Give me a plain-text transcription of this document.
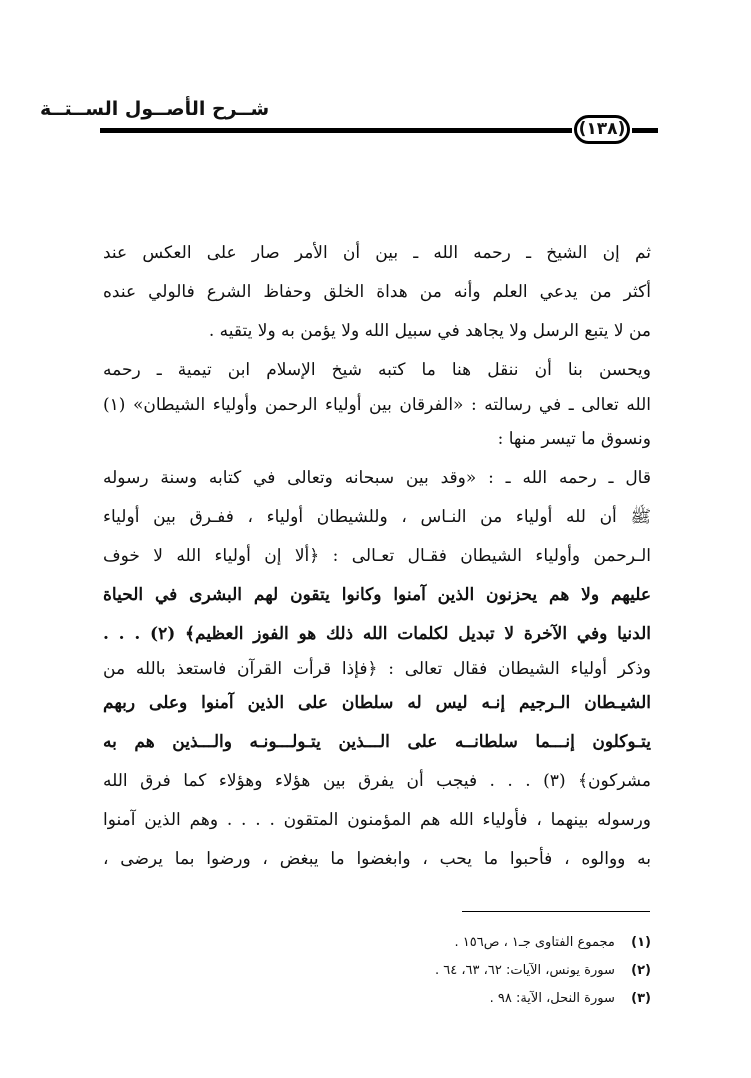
شــرح الأصــول الســتــة
(١٣٨)
ثم إن الشيخ ـ رحمه الله ـ بين أن الأمر صار على العكس عند
أكثر من يدعي العلم وأنه من هداة الخلق وحفاظ الشرع فالولي عنده
من لا يتبع الرسل ولا يجاهد في سبيل الله ولا يؤمن به ولا يتقيه .
ويحسن بنا أن ننقل هنا ما كتبه شيخ الإسلام ابن تيمية ـ رحمه
الله تعالى ـ في رسالته : «الفرقان بين أولياء الرحمن وأولياء الشيطان» (١)
ونسوق ما تيسر منها :
قال ـ رحمه الله ـ : «وقد بين سبحانه وتعالى في كتابه وسنة رسوله
ﷺ أن لله أولياء من النـاس ، وللشيطان أولياء ، ففـرق بين أولياء
الـرحمن وأولياء الشيطان فقـال تعـالى : ﴿ألا إن أولياء الله لا خوف
عليهم ولا هم يحزنون الذين آمنوا وكانوا يتقون لهم البشرى في الحياة
الدنيا وفي الآخرة لا تبديل لكلمات الله ذلك هو الفوز العظيم﴾ (٢) . . .
وذكر أولياء الشيطان فقال تعالى : ﴿فإذا قرأت القرآن فاستعذ بالله من
الشيـطان الـرجيم إنـه ليس له سلطان على الذين آمنوا وعلى ربهم
يتـوكلون إنـــما سلطانــه على الـــذين يتـولـــونـه والـــذين هم به
مشركون﴾ (٣) . . . فيجب أن يفرق بين هؤلاء وهؤلاء كما فرق الله
ورسوله بينهما ، فأولياء الله هم المؤمنون المتقون . . . . وهم الذين آمنوا
به ووالوه ، فأحبوا ما يحب ، وابغضوا ما يبغض ، ورضوا بما يرضى ،
(١) مجموع الفتاوى جـ١ ، ص١٥٦ .
(٢) سورة يونس، الآيات: ٦٢، ٦٣، ٦٤ .
(٣) سورة النحل، الآية: ٩٨ .
